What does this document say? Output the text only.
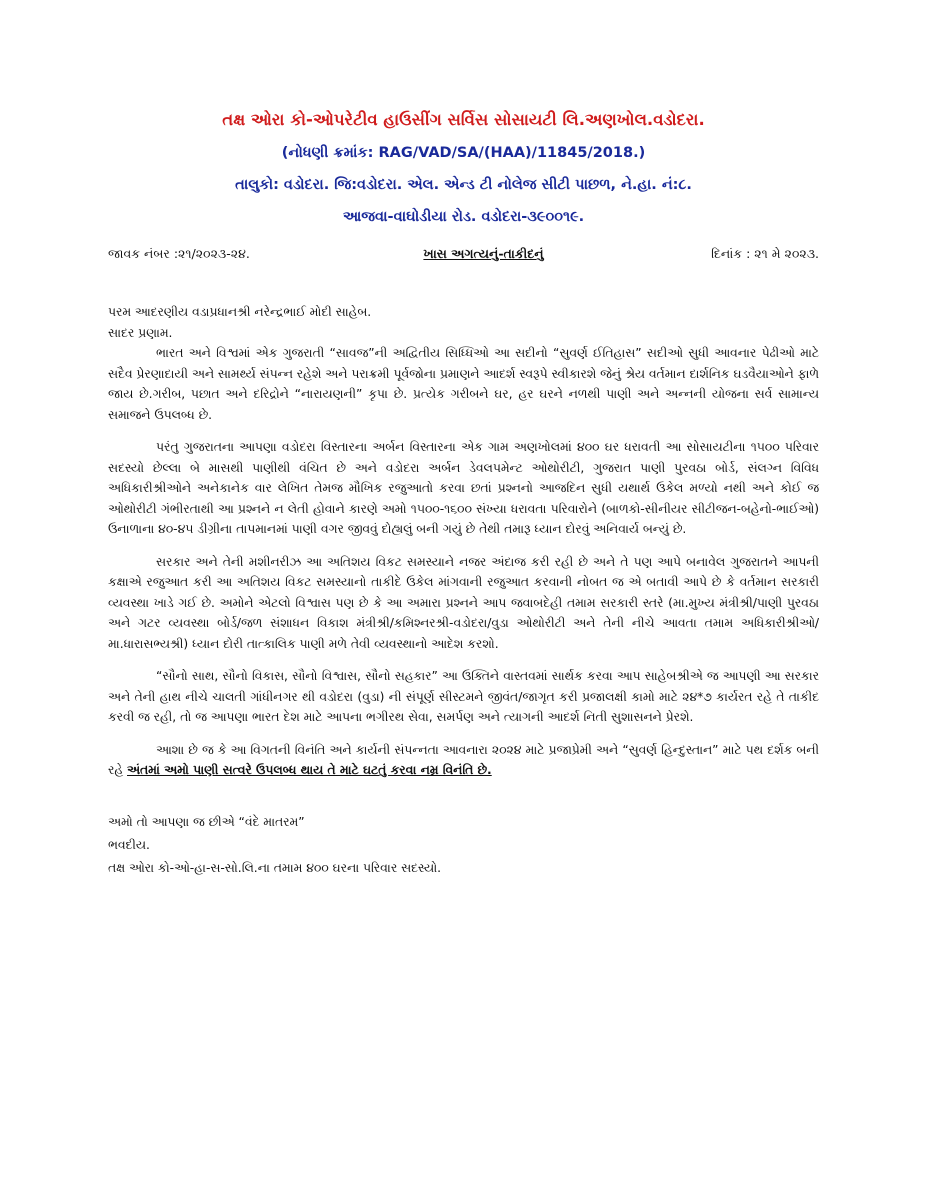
તક્ષ ઓરા કો-ઓપરેટીવ હાઉસીંગ સર્વિસ સોસાયટી લિ.અણખોલ.વડોદરા.
(નોધણી ક્રમાંક: RAG/VAD/SA/(HAA)/11845/2018.)
તાલુકો: વડોદરા. જિ:વડોદરા. એલ. એન્ડ ટી નોલેજ સીટી પાછળ, ને.હા. નં:૮.
આજવા-વાઘોડીયા રોડ. વડોદરા-૩૯૦૦૧૯.
જાવક નંબર :૨૧/૨૦૨૩-૨૪.	ખાસ અગત્યનું-તાકીદનું	દિનાંક : ૨૧ મે ૨૦૨૩.

પરમ આદરણીય વડાપ્રધાનશ્રી નરેન્દ્રભાઈ મોદી સાહેબ.

સાદર પ્રણામ.

ભારત અને વિશ્વમાં એક ગુજરાતી “સાવજ”ની અદ્વિતીય સિધ્ધિઓ આ સદીનો “સુવર્ણ ઈતિહાસ” સદીઓ સુધી આવનાર પેઢીઓ માટે સદૈવ પ્રેરણાદાયી અને સામર્થ્ય સંપન્ન રહેશે અને પરાક્રમી પૂર્વજોના પ્રમાણને આદર્શ સ્વરૂપે સ્વીકારશે જેનું શ્રેય વર્તમાન દાર્શનિક ઘડવૈયાઓને ફાળે જાય છે.ગરીબ, પછાત અને દરિદ્રોને “નારાયણની” કૃપા છે. પ્રત્યેક ગરીબને ઘર, હર ઘરને નળથી પાણી અને અન્નની યોજના સર્વ સામાન્ય સમાજને ઉપલબ્ધ છે.

પરંતુ ગુજરાતના આપણા વડોદરા વિસ્તારના અર્બન વિસ્તારના એક ગામ અણખોલમાં ૪૦૦ ઘર ધરાવતી આ સોસાયટીના ૧૫૦૦ પરિવાર સદસ્યો છેલ્લા બે માસથી પાણીથી વંચિત છે અને વડોદરા અર્બન ડેવલપમેન્ટ ઓથોરીટી, ગુજરાત પાણી પુરવઠા બોર્ડ, સંલગ્ન વિવિધ અધિકારીશ્રીઓને અનેકાનેક વાર લેખિત તેમજ મૌખિક રજુઆતો કરવા છતાં પ્રશ્નનો આજદિન સુધી યથાર્થ ઉકેલ મળ્યો નથી અને કોઈ જ ઓથોરીટી ગંભીરતાથી આ પ્રશ્નને ન લેતી હોવાને કારણે અમો ૧૫૦૦-૧૬૦૦ સંખ્યા ધરાવતા પરિવારોને (બાળકો-સીનીયર સીટીજન-બહેનો-ભાઈઓ) ઉનાળાના ૪૦-૪૫ ડીગ્રીના તાપમાનમાં પાણી વગર જીવવું દોહ્યલું બની ગયું છે તેથી તમારૂ ધ્યાન દોરવું અનિવાર્ય બન્યું છે.

સરકાર અને તેની મશીનરીઝ આ અતિશય વિકટ સમસ્યાને નજર અંદાજ કરી રહી છે અને તે પણ આપે બનાવેલ ગુજરાતને આપની કક્ષાએ રજુઆત કરી આ અતિશય વિકટ સમસ્યાનો તાકીદે ઉકેલ માંગવાની રજુઆત કરવાની નોબત જ એ બતાવી આપે છે કે વર્તમાન સરકારી વ્યવસ્થા ખાડે ગઈ છે. અમોને એટલો વિશ્વાસ પણ છે કે આ અમારા પ્રશ્નને આપ જવાબદેહી તમામ સરકારી સ્તરે (મા.મુખ્ય મંત્રીશ્રી/પાણી પુરવઠા અને ગટર વ્યવસ્થા બોર્ડ/જળ સંશાધન વિકાશ મંત્રીશ્રી/કમિશ્નરશ્રી-વડોદરા/વુડા ઓથોરીટી અને તેની નીચે આવતા તમામ અધિકારીશ્રીઓ/મા.ધારાસભ્યશ્રી) ધ્યાન દોરી તાત્કાલિક પાણી મળે તેવી વ્યવસ્થાનો આદેશ કરશો.

“સૌનો સાથ, સૌનો વિકાસ, સૌનો વિશ્વાસ, સૌનો સહકાર” આ ઉક્તિને વાસ્તવમાં સાર્થક કરવા આપ સાહેબશ્રીએ જ આપણી આ સરકાર અને તેની હાથ નીચે ચાલતી ગાંધીનગર થી વડોદરા (વુડા) ની સંપૂર્ણ સીસ્ટમને જીવંત/જાગૃત કરી પ્રજાલક્ષી કામો માટે ૨૪*૭ કાર્યરત રહે તે તાકીદ કરવી જ રહી, તો જ આપણા ભારત દેશ માટે આપના ભગીરથ સેવા, સમર્પણ અને ત્યાગની આદર્શ નિતી સુશાસનને પ્રેરશે.

આશા છે જ કે આ વિગતની વિનંતિ અને કાર્યની સંપન્નતા આવનારા ૨૦૨૪ માટે પ્રજાપ્રેમી અને “સુવર્ણ હિન્દુસ્તાન” માટે પથ દર્શક બની રહે અંતમાં અમો પાણી સત્વરે ઉપલબ્ધ થાય તે માટે ઘટતું કરવા નમ્ર વિનંતિ છે.

અમો તો આપણા જ છીએ “વંદે માતરમ”
ભવદીય.
તક્ષ ઓરા કો-ઓ-હા-સ-સો.લિ.ના તમામ ૪૦૦ ઘરના પરિવાર સદસ્યો.
